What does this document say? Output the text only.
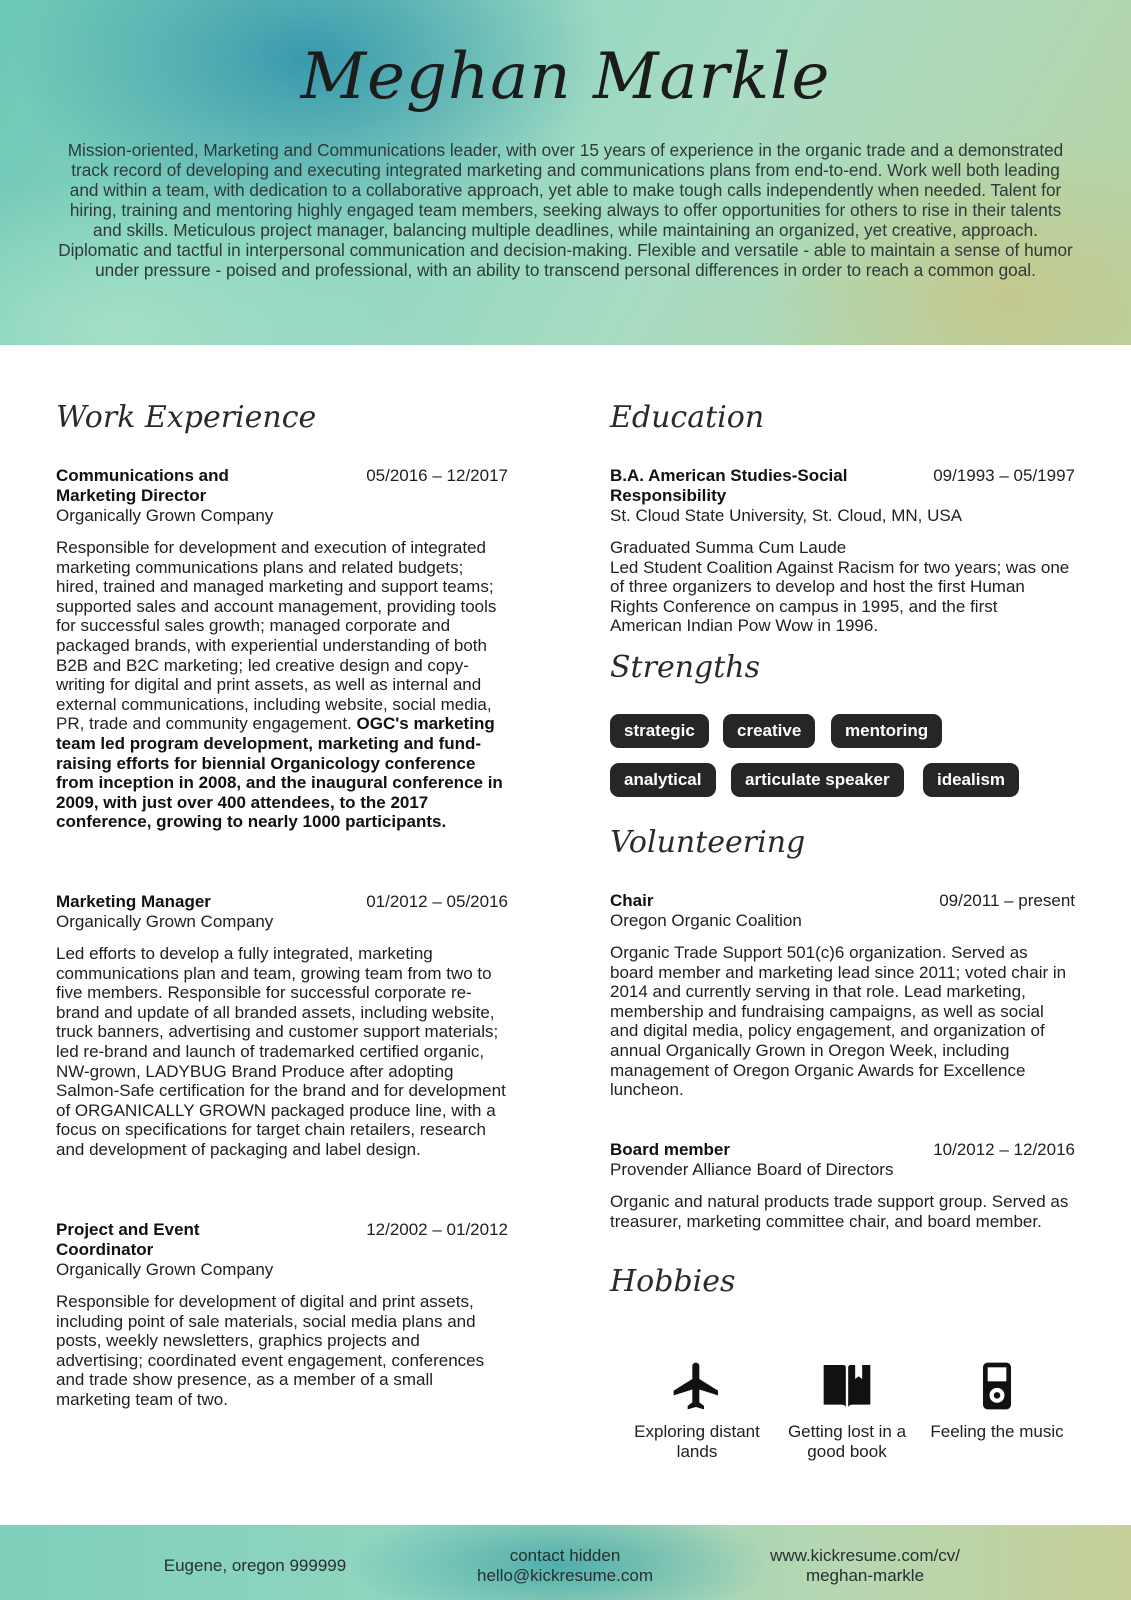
Meghan Markle

Mission-oriented, Marketing and Communications leader, with over 15 years of experience in the organic trade and a demonstrated track record of developing and executing integrated marketing and communications plans from end-to-end. Work well both leading and within a team, with dedication to a collaborative approach, yet able to make tough calls independently when needed. Talent for hiring, training and mentoring highly engaged team members, seeking always to offer opportunities for others to rise in their talents and skills. Meticulous project manager, balancing multiple deadlines, while maintaining an organized, yet creative, approach. Diplomatic and tactful in interpersonal communication and decision-making. Flexible and versatile - able to maintain a sense of humor under pressure - poised and professional, with an ability to transcend personal differences in order to reach a common goal.

Work Experience
Communications and Marketing Director
05/2016 – 12/2017
Organically Grown Company

Responsible for development and execution of integrated marketing communications plans and related budgets; hired, trained and managed marketing and support teams; supported sales and account management, providing tools for successful sales growth; managed corporate and packaged brands, with experiential understanding of both B2B and B2C marketing; led creative design and copy-writing for digital and print assets, as well as internal and external communications, including website, social media, PR, trade and community engagement. OGC's marketing team led program development, marketing and fund-raising efforts for biennial Organicology conference from inception in 2008, and the inaugural conference in 2009, with just over 400 attendees, to the 2017 conference, growing to nearly 1000 participants.

Marketing Manager	01/2012 – 05/2016
Organically Grown Company

Led efforts to develop a fully integrated, marketing communications plan and team, growing team from two to five members. Responsible for successful corporate re-brand and update of all branded assets, including website, truck banners, advertising and customer support materials; led re-brand and launch of trademarked certified organic, NW-grown, LADYBUG Brand Produce after adopting Salmon-Safe certification for the brand and for development of ORGANICALLY GROWN packaged produce line, with a focus on specifications for target chain retailers, research and development of packaging and label design.

Project and Event Coordinator
12/2002 – 01/2012
Organically Grown Company

Responsible for development of digital and print assets, including point of sale materials, social media plans and posts, weekly newsletters, graphics projects and advertising; coordinated event engagement, conferences and trade show presence, as a member of a small marketing team of two.

Education
B.A. American Studies-Social Responsibility
09/1993 – 05/1997
St. Cloud State University, St. Cloud, MN, USA

Graduated Summa Cum Laude
Led Student Coalition Against Racism for two years; was one of three organizers to develop and host the first Human Rights Conference on campus in 1995, and the first American Indian Pow Wow in 1996.

Strengths
strategic	creative	mentoring
analytical	articulate speaker	idealism
Volunteering
Chair	09/2011 – present
Oregon Organic Coalition

Organic Trade Support 501(c)6 organization. Served as board member and marketing lead since 2011; voted chair in 2014 and currently serving in that role. Lead marketing, membership and fundraising campaigns, as well as social and digital media, policy engagement, and organization of annual Organically Grown in Oregon Week, including management of Oregon Organic Awards for Excellence luncheon.

Board member	10/2012 – 12/2016
Provender Alliance Board of Directors

Organic and natural products trade support group. Served as treasurer, marketing committee chair, and board member.

Hobbies
Exploring distant lands
Getting lost in a good book
Feeling the music
Eugene, oregon 999999
contact hidden
hello@kickresume.com
www.kickresume.com/cv/
meghan-markle
